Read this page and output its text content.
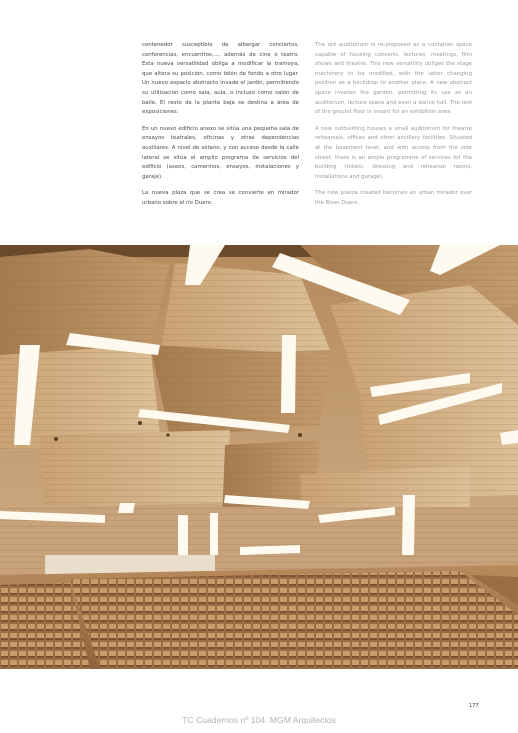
contenedor susceptible de albergar conciertos, conferencias, encuentros,..., además de cine o teatro. Esta nueva versatilidad obliga a modificar la tramoya, que altera su posición, como telón de fondo a otro lugar. Un nuevo espacio abstracto invade el jardín, permitiendo su utilización como sala, aula, o incluso como salón de baile. El resto de la planta baja se destina a área de exposiciones.

En un nuevo edificio anexo se sitúa una pequeña sala de ensayos teatrales, oficinas y otras dependencias auxiliares. A nivel de sótano, y con acceso desde la calle lateral se sitúa el amplio programa de servicios del edificio (aseos, camerinos, ensayos, instalaciones y garaje).

La nueva plaza que se crea se convierte en mirador urbano sobre el río Duero.

The old auditorium is re-proposed as a container space capable of housing concerts, lectures, meetings, film shows and theatre. This new versatility obliges the stage machinery to be modified, with the latter changing position as a backdrop to another place. A new abstract space invades the garden, permitting its use as an auditorium, lecture space and even a dance hall. The rest of the ground floor is meant for an exhibition area.

A new outbuilding houses a small auditorium for theatre rehearsals, offices and other ancillary facilities. Situated at the basement level, and with access from the side street, there is an ample programme of services for the building (toilets, dressing and rehearsal rooms, installations and garage).

The new piazza created becomes an urban mirador over the River Duero.

177
TC Cuadernos nº 104. MGM Arquitectos
